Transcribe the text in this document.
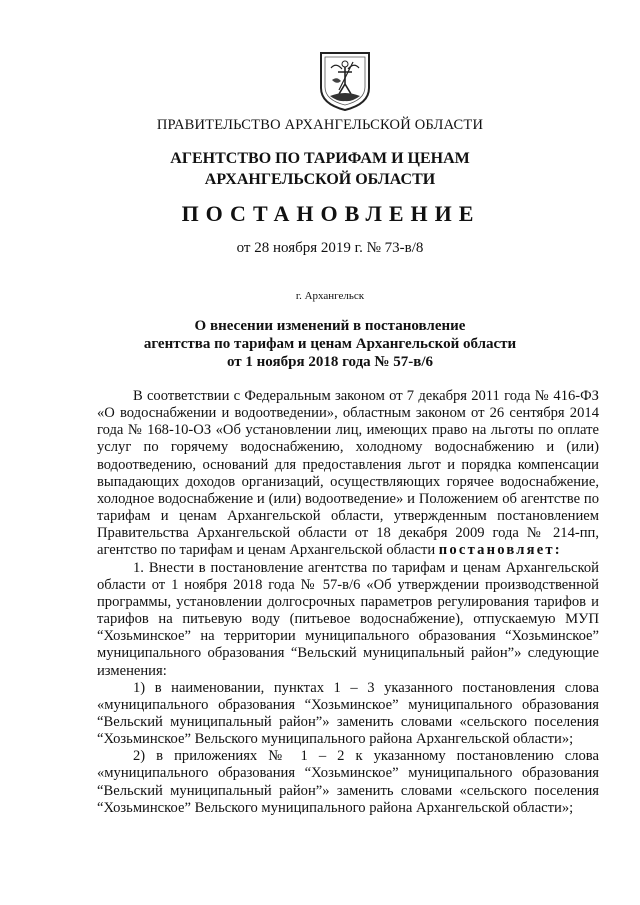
ПРАВИТЕЛЬСТВО АРХАНГЕЛЬСКОЙ ОБЛАСТИ
АГЕНТСТВО ПО ТАРИФАМ И ЦЕНАМ
АРХАНГЕЛЬСКОЙ ОБЛАСТИ
ПОСТАНОВЛЕНИЕ
от 28 ноября 2019 г. № 73-в/8
г. Архангельск
О внесении изменений в постановление
агентства по тарифам и ценам Архангельской области
от 1 ноября 2018 года № 57-в/6
В соответствии с Федеральным законом от 7 декабря 2011 года № 416-ФЗ «О водоснабжении и водоотведении», областным законом от 26 сентября 2014 года № 168-10-ОЗ «Об установлении лиц, имеющих право на льготы по оплате услуг по горячему водоснабжению, холодному водоснабжению и (или) водоотведению, оснований для предоставления льгот и порядка компенсации выпадающих доходов организаций, осуществляющих горячее водоснабжение, холодное водоснабжение и (или) водоотведение» и Положением об агентстве по тарифам и ценам Архангельской области, утвержденным постановлением Правительства Архангельской области от 18 декабря 2009 года № 214-пп, агентство по тарифам и ценам Архангельской области постановляет:
1. Внести в постановление агентства по тарифам и ценам Архангельской области от 1 ноября 2018 года № 57-в/6 «Об утверждении производственной программы, установлении долгосрочных параметров регулирования тарифов и тарифов на питьевую воду (питьевое водоснабжение), отпускаемую МУП “Хозьминское” на территории муниципального образования “Хозьминское” муниципального образования “Вельский муниципальный район”» следующие изменения:
1) в наименовании, пунктах 1 – 3 указанного постановления слова «муниципального образования “Хозьминское” муниципального образования “Вельский муниципальный район”» заменить словами «сельского поселения “Хозьминское” Вельского муниципального района Архангельской области»;
2) в приложениях № 1 – 2 к указанному постановлению слова «муниципального образования “Хозьминское” муниципального образования “Вельский муниципальный район”» заменить словами «сельского поселения “Хозьминское” Вельского муниципального района Архангельской области»;
